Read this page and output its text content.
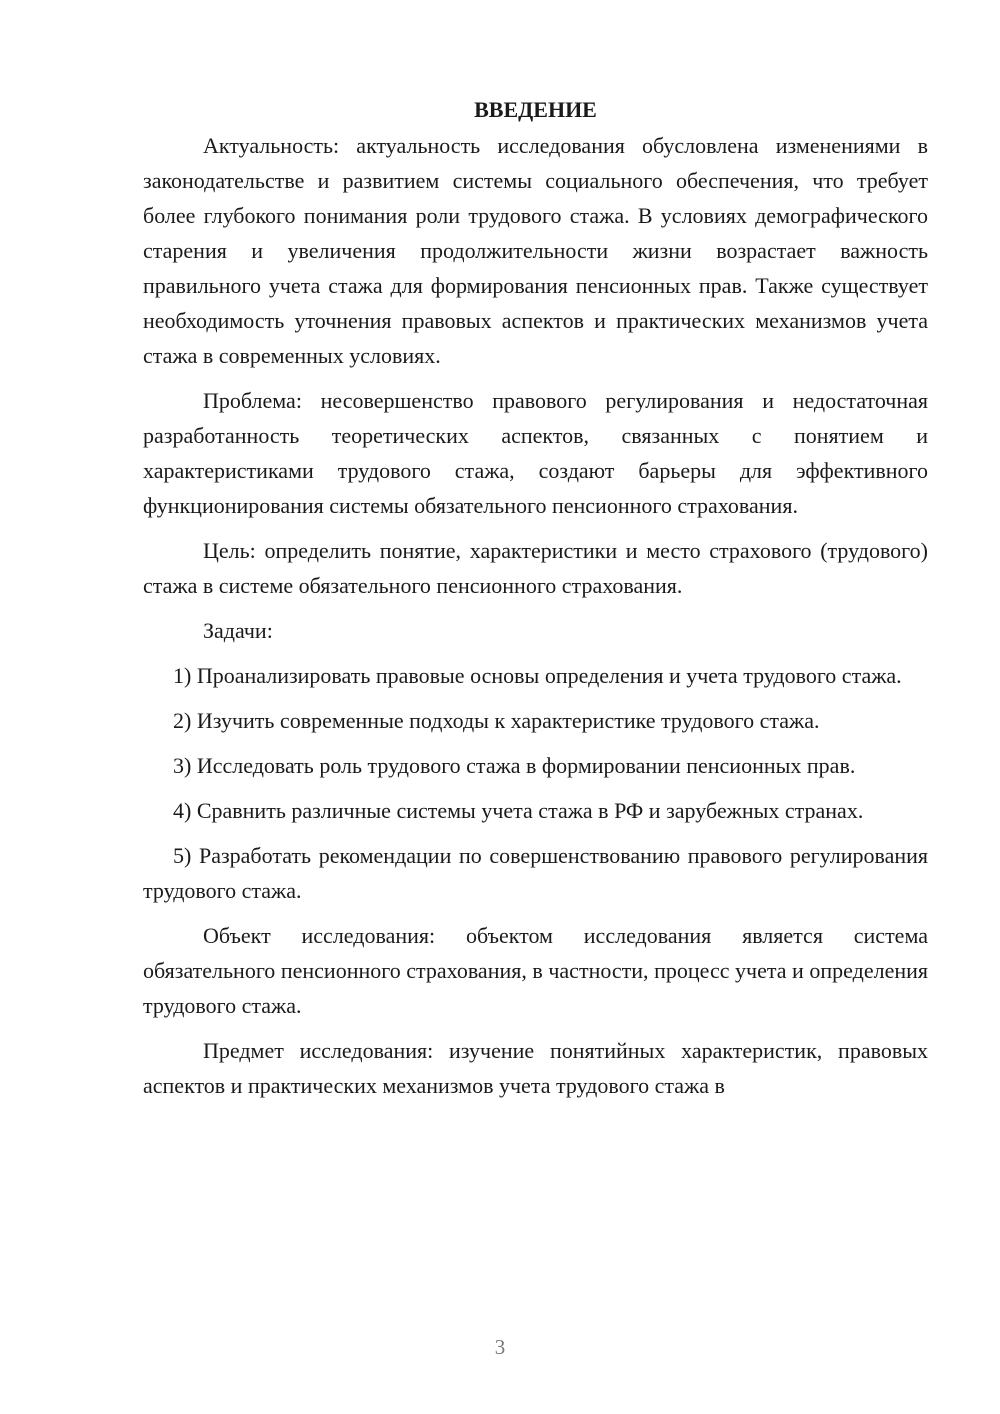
ВВЕДЕНИЕ

Актуальность: актуальность исследования обусловлена изменениями в законодательстве и развитием системы социального обеспечения, что требует более глубокого понимания роли трудового стажа. В условиях демографического старения и увеличения продолжительности жизни возрастает важность правильного учета стажа для формирования пенсионных прав. Также существует необходимость уточнения правовых аспектов и практических механизмов учета стажа в современных условиях.

Проблема: несовершенство правового регулирования и недостаточная разработанность теоретических аспектов, связанных с понятием и характеристиками трудового стажа, создают барьеры для эффективного функционирования системы обязательного пенсионного страхования.

Цель: определить понятие, характеристики и место страхового (трудового) стажа в системе обязательного пенсионного страхования.

Задачи:

1) Проанализировать правовые основы определения и учета трудового стажа.

2) Изучить современные подходы к характеристике трудового стажа.

3) Исследовать роль трудового стажа в формировании пенсионных прав.

4) Сравнить различные системы учета стажа в РФ и зарубежных странах.

5) Разработать рекомендации по совершенствованию правового регулирования трудового стажа.

Объект исследования: объектом исследования является система обязательного пенсионного страхования, в частности, процесс учета и определения трудового стажа.

Предмет исследования: изучение понятийных характеристик, правовых аспектов и практических механизмов учета трудового стажа в

3
